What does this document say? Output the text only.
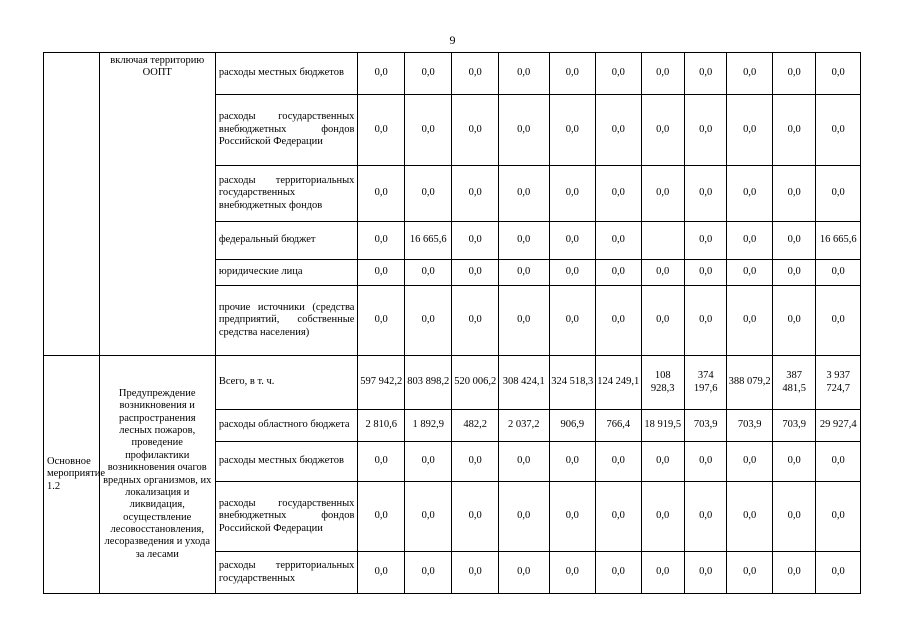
9
	включая территорию ООПТ	расходы местных бюджетов	0,0	0,0	0,0	0,0	0,0	0,0	0,0	0,0	0,0	0,0	0,0
		расходы государственных внебюджетных фондов Российской Федерации	0,0	0,0	0,0	0,0	0,0	0,0	0,0	0,0	0,0	0,0	0,0
		расходы территориальных государственных внебюджетных фондов	0,0	0,0	0,0	0,0	0,0	0,0	0,0	0,0	0,0	0,0	0,0
		федеральный бюджет	0,0	16 665,6	0,0	0,0	0,0	0,0		0,0	0,0	0,0	16 665,6
		юридические лица	0,0	0,0	0,0	0,0	0,0	0,0	0,0	0,0	0,0	0,0	0,0
		прочие источники (средства предприятий, собственные средства населения)	0,0	0,0	0,0	0,0	0,0	0,0	0,0	0,0	0,0	0,0	0,0
Основное мероприятие 1.2	Предупреждение возникновения и распространения лесных пожаров, проведение профилактики возникновения очагов вредных организмов, их локализация и ликвидация, осуществление лесовосстановления, лесоразведения и ухода за лесами	Всего, в т. ч.	597 942,2	803 898,2	520 006,2	308 424,1	324 518,3	124 249,1	108 928,3	374 197,6	388 079,2	387 481,5	3 937 724,7
		расходы областного бюджета	2 810,6	1 892,9	482,2	2 037,2	906,9	766,4	18 919,5	703,9	703,9	703,9	29 927,4
		расходы местных бюджетов	0,0	0,0	0,0	0,0	0,0	0,0	0,0	0,0	0,0	0,0	0,0
		расходы государственных внебюджетных фондов Российской Федерации	0,0	0,0	0,0	0,0	0,0	0,0	0,0	0,0	0,0	0,0	0,0
		расходы территориальных государственных	0,0	0,0	0,0	0,0	0,0	0,0	0,0	0,0	0,0	0,0	0,0
